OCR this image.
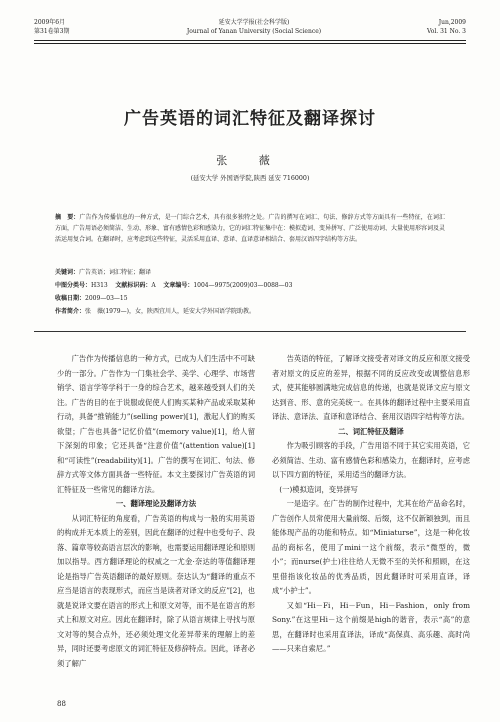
2009年6月
第31卷第3期
延安大学学报(社会科学版)
Journal of Yanan University (Social Science)
Jun,2009
Vol. 31 No. 3
广告英语的词汇特征及翻译探讨
张 薇
(延安大学 外国语学院,陕西 延安 716000)
摘　要：广告作为传播信息的一种方式，是一门综合艺术，具有很多独特之处。广告的撰写在词汇、句法、修辞方式等方面具有一些特征，在词汇方面，广告用语必须简洁、生动、形象、富有感情色彩和感染力，它的词汇特征集中在：模拟造词、变异拼写、广泛使用动词、大量使用形容词及灵活运用复合词。在翻译时，应考虑到这些特征，灵活采用直译、意译、直译意译相结合、套用汉语四字结构等方法。
关键词：广告英语；词汇特征；翻译
中图分类号：H313 文献标识码：A 文章编号：1004—9975(2009)03—0088—03
收稿日期：2009—03—15
作者简介：张　薇(1979—)，女，陕西宜川人，延安大学外国语学院助教。

广告作为传播信息的一种方式，已成为人们生活中不可缺少的一部分。广告作为一门集社会学、美学、心理学、市场营销学、语言学等学科于一身的综合艺术，越来越受到人们的关注。广告的目的在于说服或促使人们购买某种产品或采取某种行动，具备“推销能力”(selling power)[1]，激起人们的购买欲望；广告也具备“记忆价值”(memory value)[1]，给人留下深刻的印象；它还具备“注意价值”(attention value)[1]和“可读性”(readability)[1]。广告的撰写在词汇、句法、修辞方式等文体方面具备一些特征。本文主要探讨广告英语的词汇特征及一些常见的翻译方法。

一、翻译理论及翻译方法

从词汇特征的角度看，广告英语的构成与一般的实用英语的构成并无本质上的差别，因此在翻译的过程中也受句子、段落、篇章等较高语言层次的影响，也需要运用翻译理论和原则加以指导。西方翻译理论的权威之一尤金·奈达的等值翻译理论是指导广告英语翻译的最好原则。奈达认为“翻译的重点不应当是语言的表现形式，而应当是读者对译文的反应”[2]，也就是说译文要在语言的形式上和原文对等，而不是在语言的形式上和原文对应。因此在翻译时，除了从语言规律上寻找与原文对等的契合点外，还必须处理文化差异带来的理解上的差异，同时还要考虑原文的词汇特征及修辞特点。因此，译者必须了解广

告英语的特征，了解译文接受者对译文的反应和原文接受者对原文的反应的差异，根据不同的反应改变或调整信息形式，使其能够圆满地完成信息的传递，也就是说译文应与原文达到音、形、意的完美统一。在具体的翻译过程中主要采用直译法、意译法、直译和意译结合、套用汉语四字结构等方法。

二、词汇特征及翻译

作为吸引顾客的手段，广告用语不同于其它实用英语，它必须简洁、生动、富有感情色彩和感染力，在翻译时，应考虑以下四方面的特征，采用适当的翻译方法。

(一)模拟造词，变异拼写

一是造字。在广告的制作过程中，尤其在给产品命名时，广告创作人员常使用大量前缀、后缀，这不仅新颖独到，而且能体现产品的功能和特点。如“Miniaturse”，这是一种化妆品的商标名，使用了mini一这个前缀，表示“微型的，微小”；而nurse(护士)往往给人无微不至的关怀和照顾，在这里借指该化妆品的优秀品质，因此翻译时可采用直译，译成“小护士”。

又如“Hi－Fi，Hi－Fun，Hi－Fashion，only from Sony.”在这里Hi－这个前缀是high的谐音，表示“高”的意思，在翻译时也采用直译法，译成“高保真、高乐趣、高时尚——只来自索尼。”

88
